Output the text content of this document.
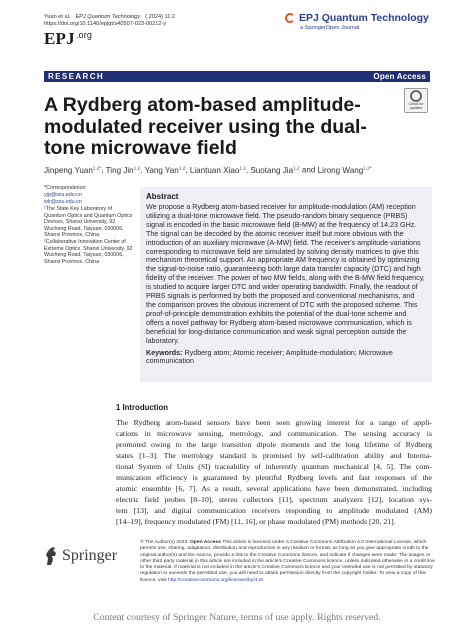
Yuan et al. EPJ Quantum Technology ( 2024) 11:2
https://doi.org/10.1140/epjqt/s40507-023-00212-y
$EPJ^{.org}$
EPJ Quantum Technology
a SpringerOpen Journal
RESEARCH	Open Access
Check for
updates
A Rydberg atom-based amplitude-modulated receiver using the dual-tone microwave field
Jinpeng Yuan$^{1,2*}$, Ting Jin$^{1,2}$, Yang Yan$^{1,2}$, Liantuan Xiao$^{1,2}$, Suotang Jia$^{1,2}$ and Lirong Wang$^{1,2*}$
*Correspondence:
yjp@sxu.edu.cn
wlr@sxu.edu.cn
¹The State Key Laboratory of Quantum Optics and Quantum Optics Devices, Shanxi University, 92 Wucheng Road, Taiyuan, 030006, Shanxi Province, China
²Collaborative Innovation Center of Extreme Optics, Shanxi University, 92 Wucheng Road, Taiyuan, 030006, Shanxi Province, China
Abstract

We propose a Rydberg atom-based receiver for amplitude-modulation (AM) reception utilizing a dual-tone microwave field. The pseudo-random binary sequence (PRBS) signal is encoded in the basic microwave field (B-MW) at the frequency of 14.23 GHz. The signal can be decoded by the atomic receiver itself but more obvious with the introduction of an auxiliary microwave (A-MW) field. The receiver's amplitude variations corresponding to microwave field are simulated by solving density matrices to give this mechanism theoretical support. An appropriate AM frequency is obtained by optimizing the signal-to-noise ratio, guaranteeing both large data transfer capacity (DTC) and high fidelity of the receiver. The power of two MW fields, along with the B-MW field frequency, is studied to acquire larger DTC and wider operating bandwidth. Finally, the readout of PRBS signals is performed by both the proposed and conventional mechanisms, and the comparison proves the obvious increment of DTC with the proposed scheme. This proof-of-principle demonstration exhibits the potential of the dual-tone scheme and offers a novel pathway for Rydberg atom-based microwave communication, which is beneficial for long-distance communication and weak signal perception outside the laboratory.

Keywords: Rydberg atom; Atomic receiver; Amplitude-modulation; Microwave communication

1 Introduction
The Rydberg atom-based sensors have been seen growing interest for a range of appli-
cations in microwave sensing, metrology, and communication. The sensing accuracy is
promoted owing to the large transition dipole moments and the long lifetime of Rydberg
states [1–3]. The metrology standard is promised by self-calibration ability and Interna-
tional System of Units (SI) traceability of inherently quantum mechanical [4, 5]. The com-
munication efficiency is guaranteed by plentiful Rydberg levels and fast responses of the
atomic ensemble [6, 7]. As a result, several applications have been demonstrated, including
electric field probes [8–10], stereo collectors [11], spectrum analyzers [12], location sys-
tem [13], and digital communication receivers responding to amplitude modulated (AM)
[14–19], frequency modulated (FM) [11, 16], or phase modulated (PM) methods [20, 21].
Springer
© The Author(s) 2023. Open Access This article is licensed under a Creative Commons Attribution 4.0 International License, which permits use, sharing, adaptation, distribution and reproduction in any medium or format, as long as you give appropriate credit to the original author(s) and the source, provide a link to the Creative Commons licence, and indicate if changes were made. The images or other third party material in this article are included in the article's Creative Commons licence, unless indicated otherwise in a credit line to the material. If material is not included in the article's Creative Commons licence and your intended use is not permitted by statutory regulation or exceeds the permitted use, you will need to obtain permission directly from the copyright holder. To view a copy of this licence, visit http://creativecommons.org/licenses/by/4.0/.
Content courtesy of Springer Nature, terms of use apply. Rights reserved.
